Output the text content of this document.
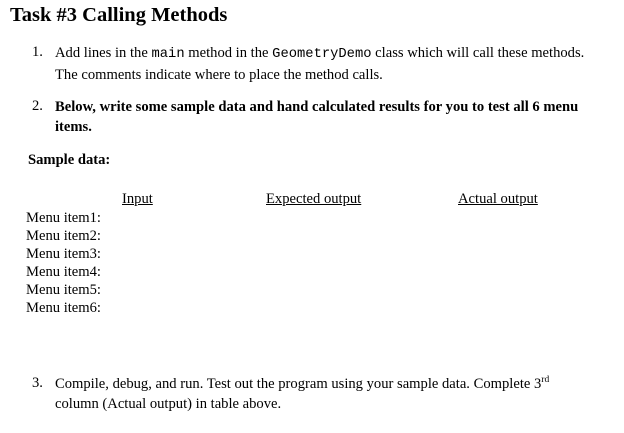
Task #3 Calling Methods
1. Add lines in the main method in the GeometryDemo class which will call these methods. The comments indicate where to place the method calls.
2. Below, write some sample data and hand calculated results for you to test all 6 menu items.
Sample data:
Input	Expected output	Actual output
Menu item1:
Menu item2:
Menu item3:
Menu item4:
Menu item5:
Menu item6:
3. Compile, debug, and run. Test out the program using your sample data. Complete 3rd column (Actual output) in table above.
